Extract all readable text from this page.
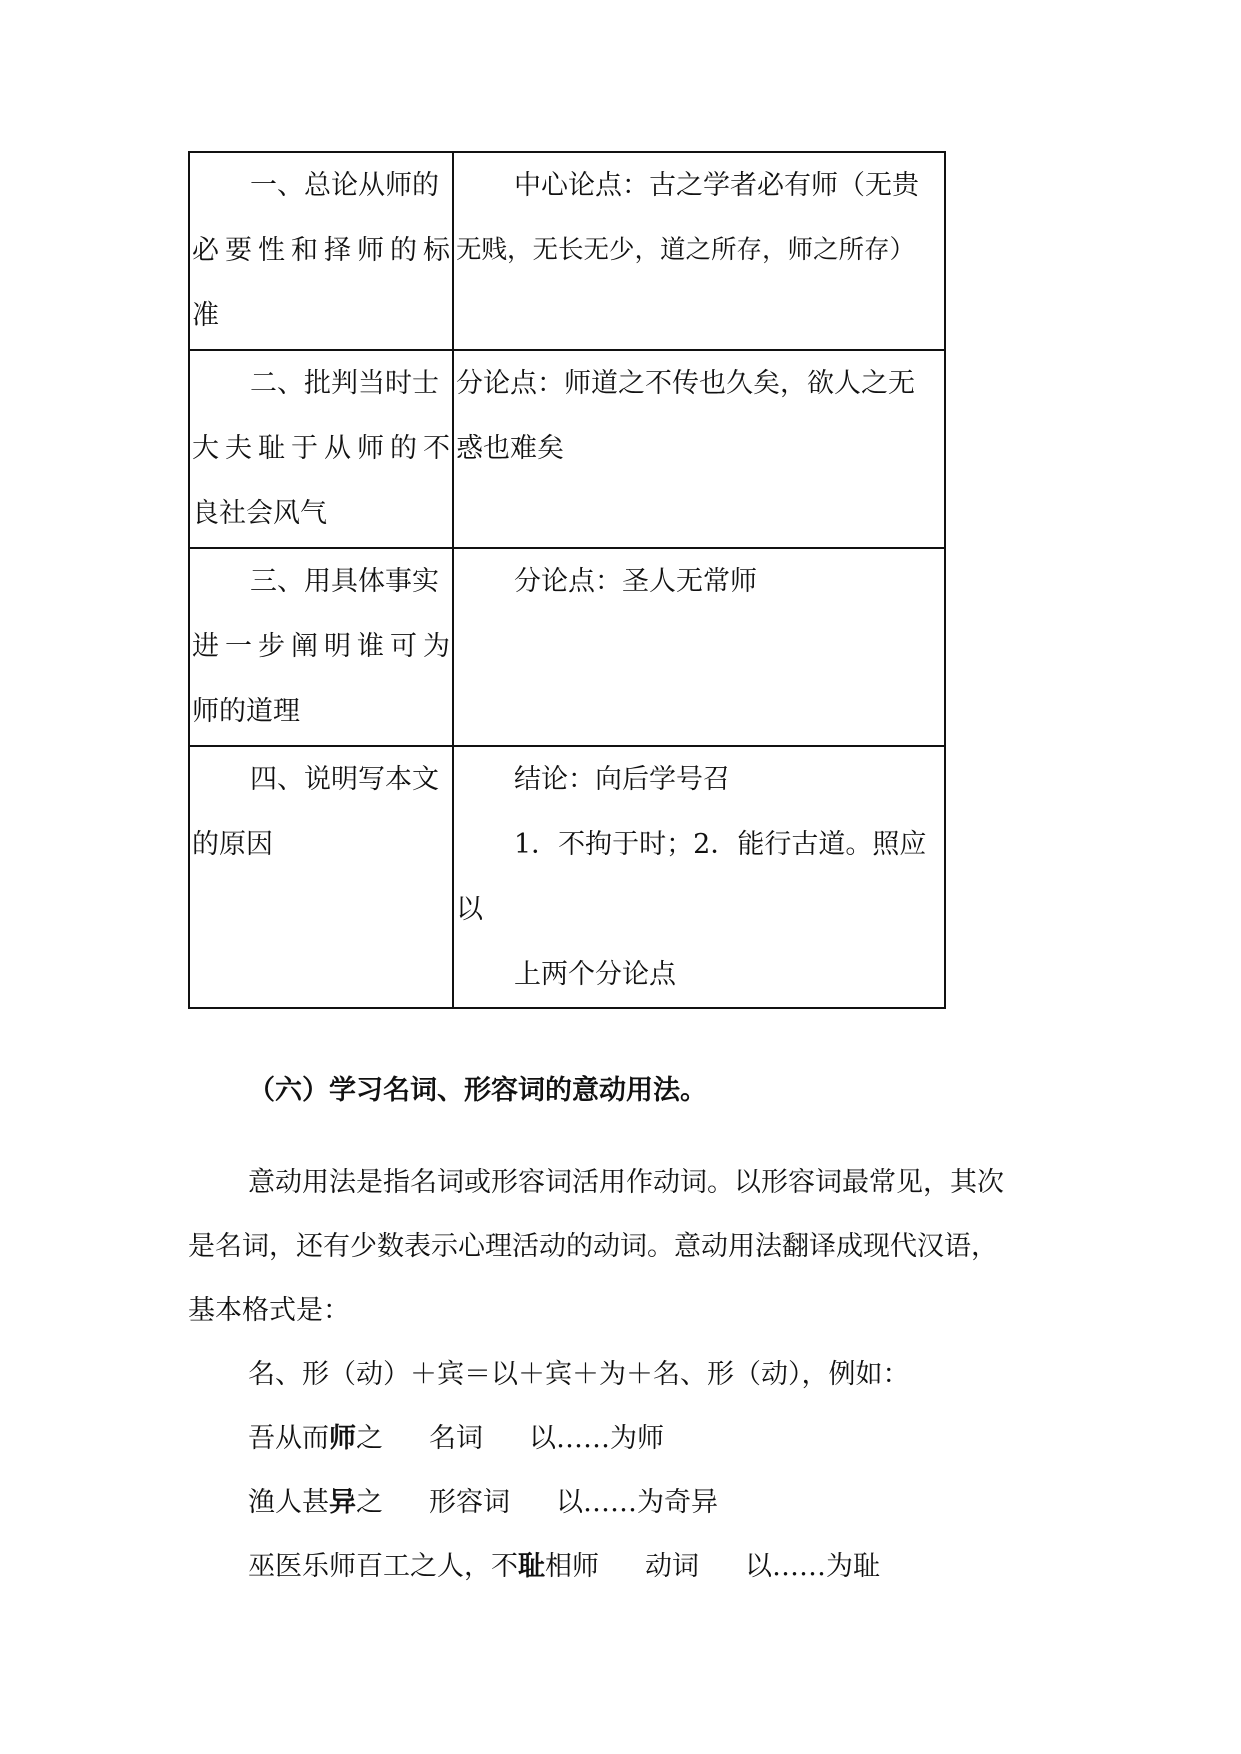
一、总论从师的
必要性和择师的标
准	中心论点：古之学者必有师（无贵
无贱，无长无少，道之所存，师之所存）

二、批判当时士
大夫耻于从师的不
良社会风气	分论点：师道之不传也久矣，欲人之无
惑也难矣

三、用具体事实
进一步阐明谁可为
师的道理	分论点：圣人无常师

四、说明写本文
的原因	结论：向后学号召
1．不拘于时；2．能行古道。照应
以
上两个分论点
（六）学习名词、形容词的意动用法。
意动用法是指名词或形容词活用作动词。以形容词最常见，其次
是名词，还有少数表示心理活动的动词。意动用法翻译成现代汉语，
基本格式是：
名、形（动）＋宾＝以＋宾＋为＋名、形（动），例如：
吾从而师之 名词 以……为师
渔人甚异之 形容词 以……为奇异
巫医乐师百工之人，不耻相师 动词 以……为耻
